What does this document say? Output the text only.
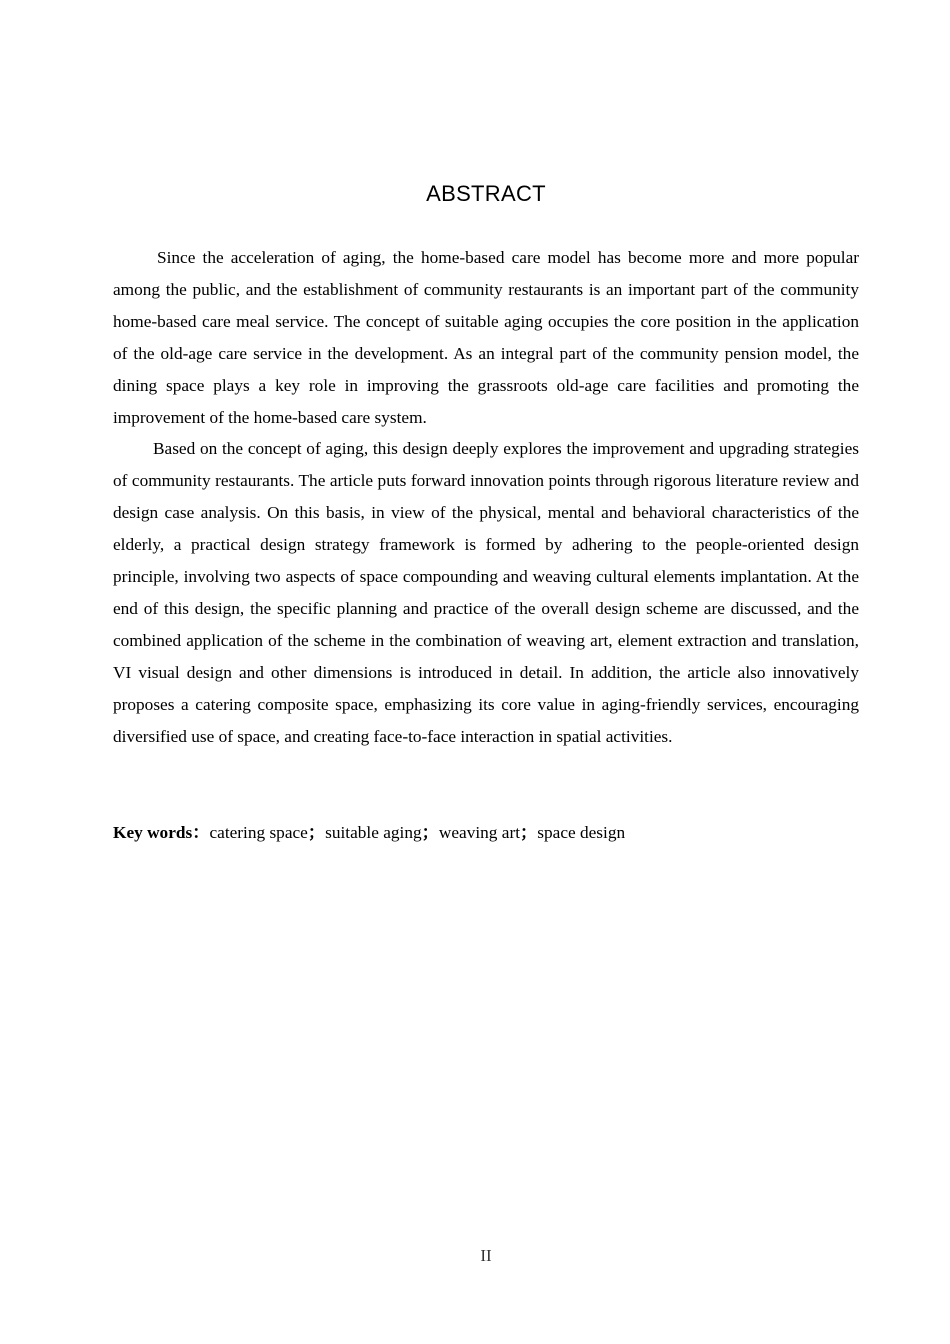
ABSTRACT

Since the acceleration of aging, the home-based care model has become more and more popular among the public, and the establishment of community restaurants is an important part of the community home-based care meal service. The concept of suitable aging occupies the core position in the application of the old-age care service in the development. As an integral part of the community pension model, the dining space plays a key role in improving the grassroots old-age care facilities and promoting the improvement of the home-based care system.

Based on the concept of aging, this design deeply explores the improvement and upgrading strategies of community restaurants. The article puts forward innovation points through rigorous literature review and design case analysis. On this basis, in view of the physical, mental and behavioral characteristics of the elderly, a practical design strategy framework is formed by adhering to the people-oriented design principle, involving two aspects of space compounding and weaving cultural elements implantation. At the end of this design, the specific planning and practice of the overall design scheme are discussed, and the combined application of the scheme in the combination of weaving art, element extraction and translation, VI visual design and other dimensions is introduced in detail. In addition, the article also innovatively proposes a catering composite space, emphasizing its core value in aging-friendly services, encouraging diversified use of space, and creating face-to-face interaction in spatial activities.

Key words：catering space；suitable aging；weaving art；space design
II
